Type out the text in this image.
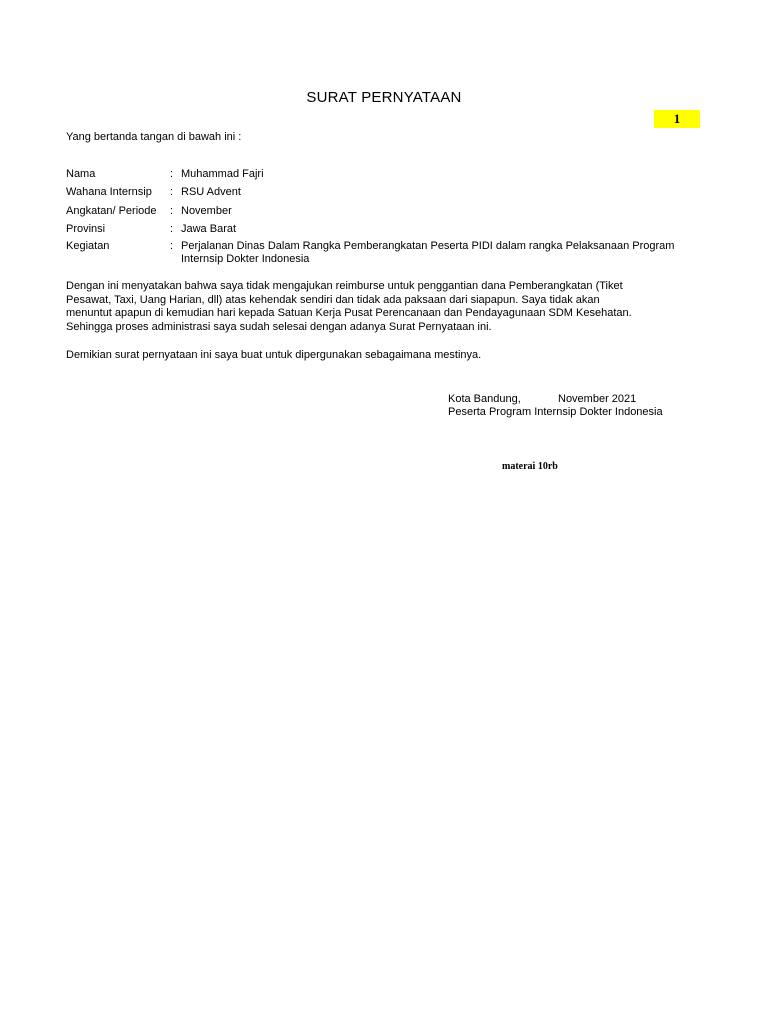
SURAT PERNYATAAN
1
Yang bertanda tangan di bawah ini :
Nama	: Muhammad Fajri
Wahana Internsip : RSU Advent
Angkatan/ Periode : November
Provinsi	: Jawa Barat
Kegiatan	: Perjalanan Dinas Dalam Rangka Pemberangkatan Peserta PIDI dalam rangka Pelaksanaan Program Internsip Dokter Indonesia
Dengan ini menyatakan bahwa saya tidak mengajukan reimburse untuk penggantian dana Pemberangkatan (Tiket
Pesawat, Taxi, Uang Harian, dll) atas kehendak sendiri dan tidak ada paksaan dari siapapun. Saya tidak akan
menuntut apapun di kemudian hari kepada Satuan Kerja Pusat Perencanaan dan Pendayagunaan SDM Kesehatan.
Sehingga proses administrasi saya sudah selesai dengan adanya Surat Pernyataan ini.
Demikian surat pernyataan ini saya buat untuk dipergunakan sebagaimana mestinya.
Kota Bandung,	November 2021
Peserta Program Internsip Dokter Indonesia
materai 10rb
